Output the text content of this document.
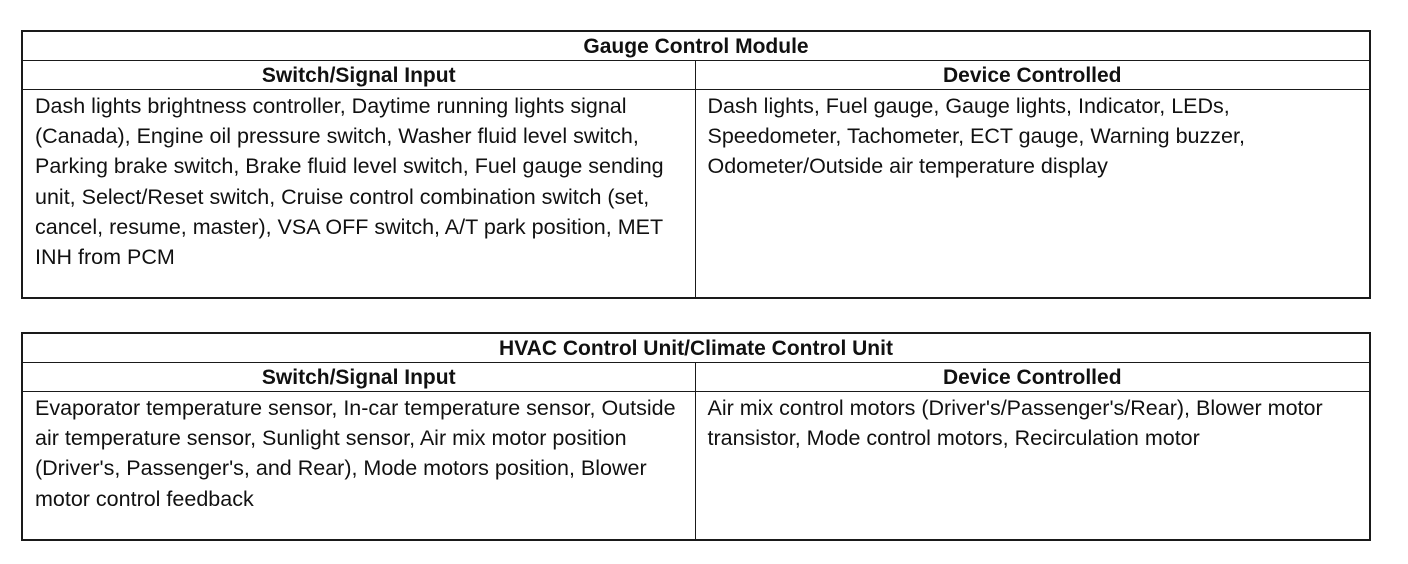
Gauge Control Module	
Switch/Signal Input	Device Controlled
Dash lights brightness controller, Daytime running lights signal (Canada), Engine oil pressure switch, Washer fluid level switch, Parking brake switch, Brake fluid level switch, Fuel gauge sending unit, Select/Reset switch, Cruise control combination switch (set, cancel, resume, master), VSA OFF switch, A/T park position, MET INH from PCM	Dash lights, Fuel gauge, Gauge lights, Indicator, LEDs, Speedometer, Tachometer, ECT gauge, Warning buzzer, Odometer/Outside air temperature display
HVAC Control Unit/Climate Control Unit	
Switch/Signal Input	Device Controlled
Evaporator temperature sensor, In-car temperature sensor, Outside air temperature sensor, Sunlight sensor, Air mix motor position (Driver's, Passenger's, and Rear), Mode motors position, Blower motor control feedback	Air mix control motors (Driver's/Passenger's/Rear), Blower motor transistor, Mode control motors, Recirculation motor
